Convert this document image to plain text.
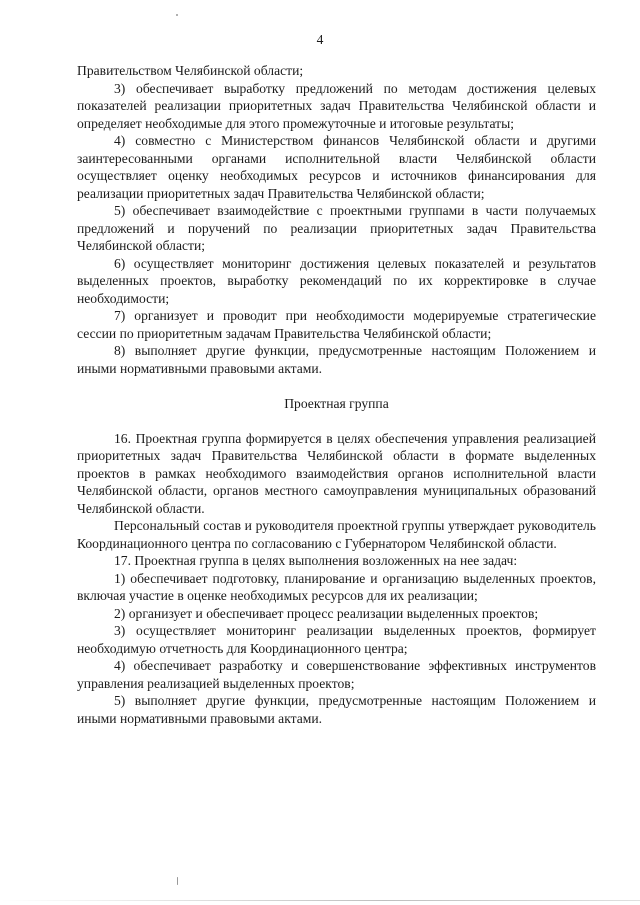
4

Правительством Челябинской области;

3) обеспечивает выработку предложений по методам достижения целевых показателей реализации приоритетных задач Правительства Челябинской области и определяет необходимые для этого промежуточные и итоговые результаты;

4) совместно с Министерством финансов Челябинской области и другими заинтересованными органами исполнительной власти Челябинской области осуществляет оценку необходимых ресурсов и источников финансирования для реализации приоритетных задач Правительства Челябинской области;

5) обеспечивает взаимодействие с проектными группами в части получаемых предложений и поручений по реализации приоритетных задач Правительства Челябинской области;

6) осуществляет мониторинг достижения целевых показателей и результатов выделенных проектов, выработку рекомендаций по их корректировке в случае необходимости;

7) организует и проводит при необходимости модерируемые стратегические сессии по приоритетным задачам Правительства Челябинской области;

8) выполняет другие функции, предусмотренные настоящим Положением и иными нормативными правовыми актами.

Проектная группа

16. Проектная группа формируется в целях обеспечения управления реализацией приоритетных задач Правительства Челябинской области в формате выделенных проектов в рамках необходимого взаимодействия органов исполнительной власти Челябинской области, органов местного самоуправления муниципальных образований Челябинской области.

Персональный состав и руководителя проектной группы утверждает руководитель Координационного центра по согласованию с Губернатором Челябинской области.

17. Проектная группа в целях выполнения возложенных на нее задач:

1) обеспечивает подготовку, планирование и организацию выделенных проектов, включая участие в оценке необходимых ресурсов для их реализации;

2) организует и обеспечивает процесс реализации выделенных проектов;

3) осуществляет мониторинг реализации выделенных проектов, формирует необходимую отчетность для Координационного центра;

4) обеспечивает разработку и совершенствование эффективных инструментов управления реализацией выделенных проектов;

5) выполняет другие функции, предусмотренные настоящим Положением и иными нормативными правовыми актами.
